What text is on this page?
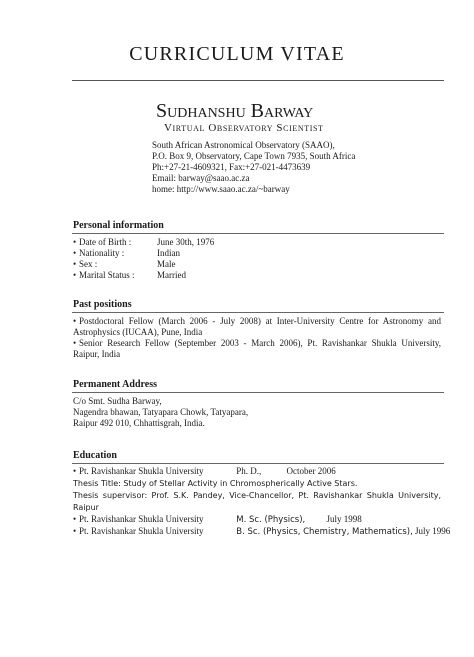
CURRICULUM VITAE
Sudhanshu Barway
Virtual Observatory Scientist
South African Astronomical Observatory (SAAO),
P.O. Box 9, Observatory, Cape Town 7935, South Africa
Ph:+27-21-4609321, Fax:+27-021-4473639
Email: barway@saao.ac.za
home: http://www.saao.ac.za/~barway
Personal information
• Date of Birth :	June 30th, 1976
• Nationality :	Indian
• Sex :	Male
• Marital Status :	Married
Past positions
• Postdoctoral Fellow (March 2006 - July 2008) at Inter-University Centre for Astronomy and Astrophysics (IUCAA), Pune, India
• Senior Research Fellow (September 2003 - March 2006), Pt. Ravishankar Shukla University, Raipur, India
Permanent Address
C/o Smt. Sudha Barway,
Nagendra bhawan, Tatyapara Chowk, Tatyapara,
Raipur 492 010, Chhattisgrah, India.
Education
• Pt. Ravishankar Shukla University	Ph. D.,	October 2006
Thesis Title: Study of Stellar Activity in Chromospherically Active Stars.
Thesis supervisor: Prof. S.K. Pandey, Vice-Chancellor, Pt. Ravishankar Shukla University, Raipur
• Pt. Ravishankar Shukla University	M. Sc. (Physics), July 1998
• Pt. Ravishankar Shukla University	B. Sc. (Physics, Chemistry, Mathematics), July 1996
